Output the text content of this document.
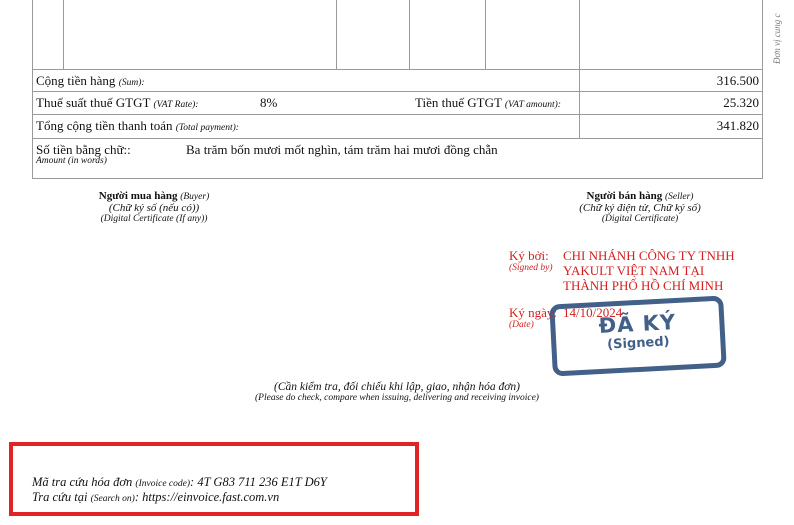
Cộng tiền hàng (Sum):	316.500
Thuế suất thuế GTGT (VAT Rate):	8%	Tiền thuế GTGT (VAT amount):	25.320
Tổng cộng tiền thanh toán (Total payment):	341.820
Số tiền bằng chữ::
Amount (in words)
Ba trăm bốn mươi mốt nghìn, tám trăm hai mươi đồng chẵn
Người mua hàng (Buyer)
(Chữ ký số (nếu có))
(Digital Certificate (If any))
Người bán hàng (Seller)
(Chữ ký điện tử, Chữ ký số)
(Digital Certificate)
ĐÃ KÝ
(Signed)
Ký bởi:
(Signed by)
CHI NHÁNH CÔNG TY TNHH
YAKULT VIỆT NAM TẠI
THÀNH PHỐ HỒ CHÍ MINH
Ký ngày:
(Date)
14/10/2024
(Cần kiểm tra, đối chiếu khi lập, giao, nhận hóa đơn)
(Please do check, compare when issuing, delivering and receiving invoice)
Mã tra cứu hóa đơn (Invoice code): 4T G83 711 236 E1T D6Y
Tra cứu tại (Search on): https://einvoice.fast.com.vn
Đơn vị cung c
